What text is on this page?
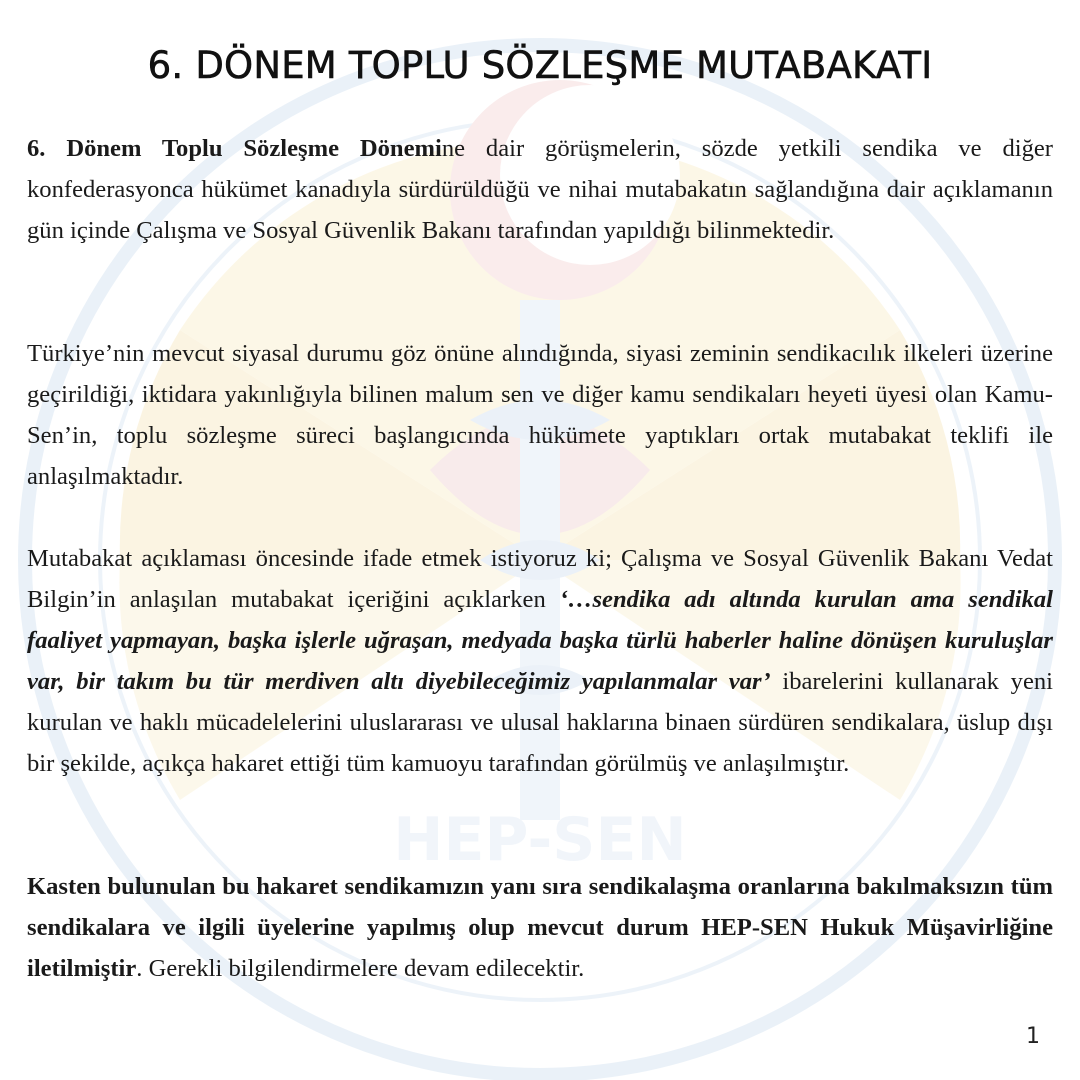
HEP-SEN
6. DÖNEM TOPLU SÖZLEŞME MUTABAKATI

6. Dönem Toplu Sözleşme Dönemine dair görüşmelerin, sözde yetkili sendika ve diğer konfederasyonca hükümet kanadıyla sürdürüldüğü ve nihai mutabakatın sağlandığına dair açıklamanın gün içinde Çalışma ve Sosyal Güvenlik Bakanı tarafından yapıldığı bilinmektedir.

Türkiye’nin mevcut siyasal durumu göz önüne alındığında, siyasi zeminin sendikacılık ilkeleri üzerine geçirildiği, iktidara yakınlığıyla bilinen malum sen ve diğer kamu sendikaları heyeti üyesi olan Kamu-Sen’in, toplu sözleşme süreci başlangıcında hükümete yaptıkları ortak mutabakat teklifi ile anlaşılmaktadır.

Mutabakat açıklaması öncesinde ifade etmek istiyoruz ki; Çalışma ve Sosyal Güvenlik Bakanı Vedat Bilgin’in anlaşılan mutabakat içeriğini açıklarken ‘…sendika adı altında kurulan ama sendikal faaliyet yapmayan, başka işlerle uğraşan, medyada başka türlü haberler haline dönüşen kuruluşlar var, bir takım bu tür merdiven altı diyebileceğimiz yapılanmalar var’ ibarelerini kullanarak yeni kurulan ve haklı mücadelelerini uluslararası ve ulusal haklarına binaen sürdüren sendikalara, üslup dışı bir şekilde, açıkça hakaret ettiği tüm kamuoyu tarafından görülmüş ve anlaşılmıştır.

Kasten bulunulan bu hakaret sendikamızın yanı sıra sendikalaşma oranlarına bakılmaksızın tüm sendikalara ve ilgili üyelerine yapılmış olup mevcut durum HEP-SEN Hukuk Müşavirliğine iletilmiştir. Gerekli bilgilendirmelere devam edilecektir.

1
